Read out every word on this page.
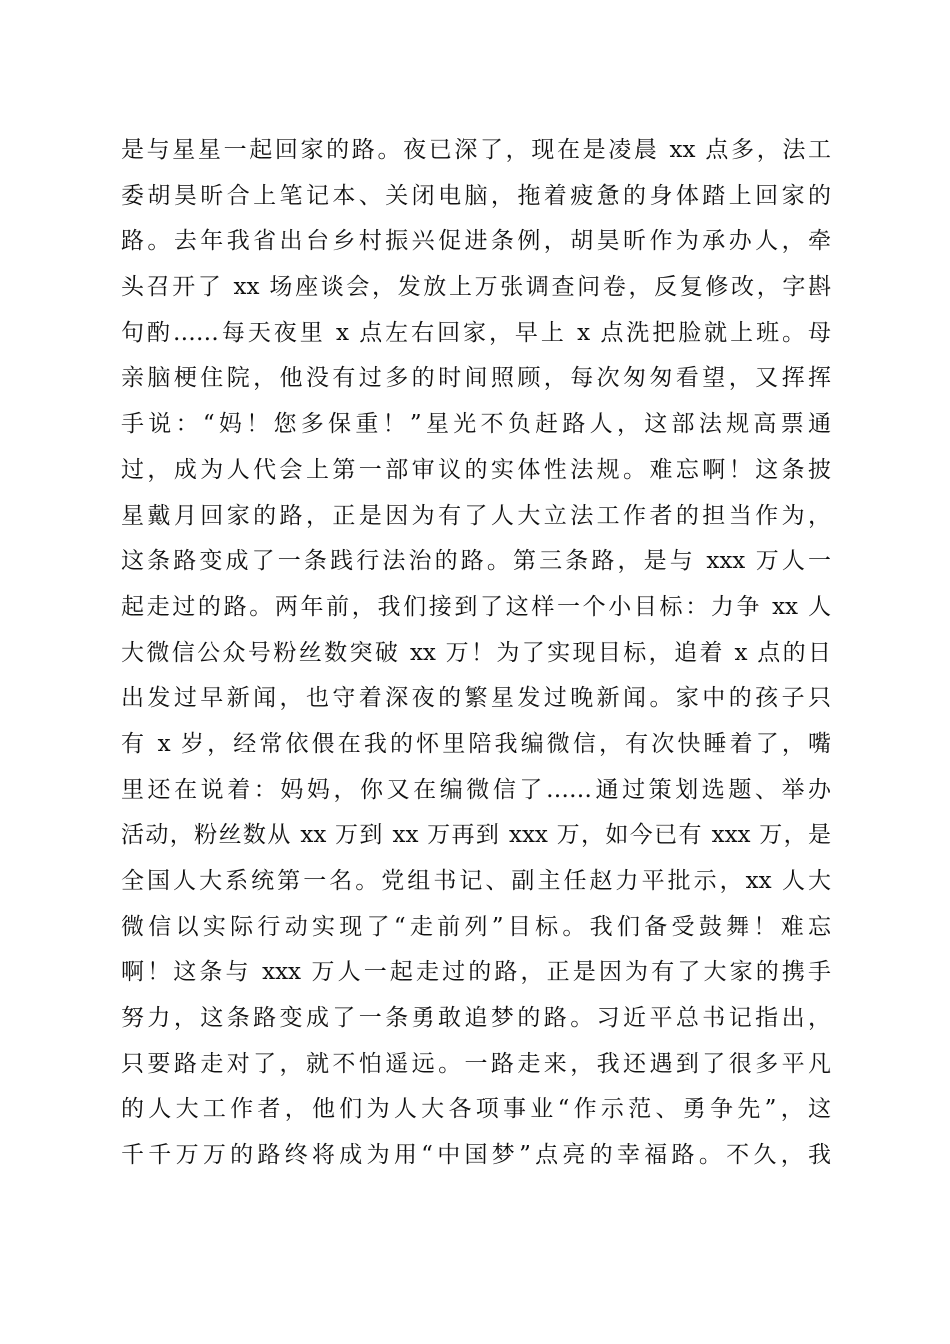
是与星星一起回家的路。夜已深了，现在是凌晨 xx 点多，法工
委胡昊昕合上笔记本、关闭电脑，拖着疲惫的身体踏上回家的
路。去年我省出台乡村振兴促进条例，胡昊昕作为承办人，牵
头召开了 xx 场座谈会，发放上万张调查问卷，反复修改，字斟
句酌……每天夜里 x 点左右回家，早上 x 点洗把脸就上班。母
亲脑梗住院，他没有过多的时间照顾，每次匆匆看望，又挥挥
手说：“妈！您多保重！”星光不负赶路人，这部法规高票通
过，成为人代会上第一部审议的实体性法规。难忘啊！这条披
星戴月回家的路，正是因为有了人大立法工作者的担当作为，
这条路变成了一条践行法治的路。第三条路，是与 xxx 万人一
起走过的路。两年前，我们接到了这样一个小目标：力争 xx 人
大微信公众号粉丝数突破 xx 万！为了实现目标，追着 x 点的日
出发过早新闻，也守着深夜的繁星发过晚新闻。家中的孩子只
有 x 岁，经常依偎在我的怀里陪我编微信，有次快睡着了，嘴
里还在说着：妈妈，你又在编微信了……通过策划选题、举办
活动，粉丝数从 xx 万到 xx 万再到 xxx 万，如今已有 xxx 万，是
全国人大系统第一名。党组书记、副主任赵力平批示，xx 人大
微信以实际行动实现了“走前列”目标。我们备受鼓舞！难忘
啊！这条与 xxx 万人一起走过的路，正是因为有了大家的携手
努力，这条路变成了一条勇敢追梦的路。习近平总书记指出，
只要路走对了，就不怕遥远。一路走来，我还遇到了很多平凡
的人大工作者，他们为人大各项事业“作示范、勇争先”，这
千千万万的路终将成为用“中国梦”点亮的幸福路。不久，我
